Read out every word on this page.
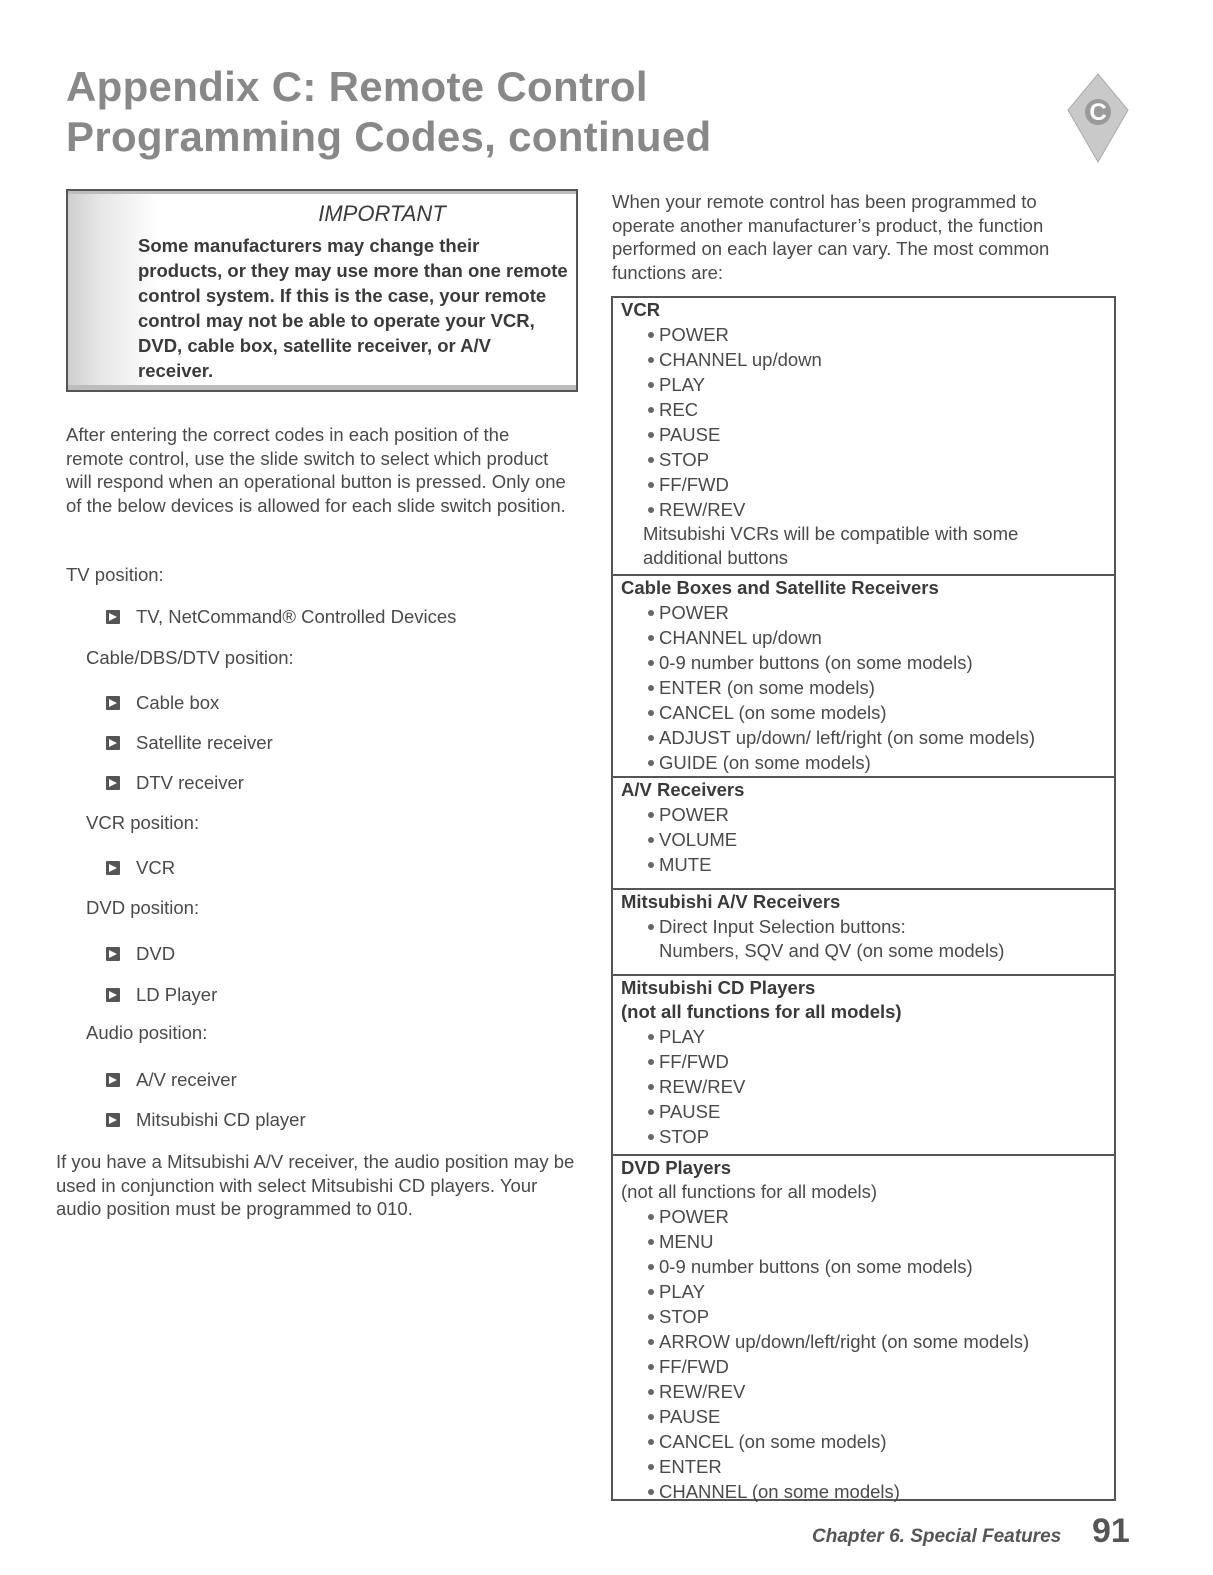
Appendix C: Remote Control
Programming Codes, continued
C
IMPORTANT
Some manufacturers may change their products, or they may use more than one remote control system. If this is the case, your remote control may not be able to operate your VCR, DVD, cable box, satellite receiver, or A/V receiver.
After entering the correct codes in each position of the remote control, use the slide switch to select which product will respond when an operational button is pressed. Only one of the below devices is allowed for each slide switch position.
TV position:
TV, NetCommand® Controlled Devices
Cable/DBS/DTV position:
Cable box
Satellite receiver
DTV receiver
VCR position:
VCR
DVD position:
DVD
LD Player
Audio position:
A/V receiver
Mitsubishi CD player
If you have a Mitsubishi A/V receiver, the audio position may be used in conjunction with select Mitsubishi CD players. Your audio position must be programmed to 010.
When your remote control has been programmed to operate another manufacturer’s product, the function performed on each layer can vary. The most common functions are:
VCR
POWER
CHANNEL up/down
PLAY
REC
PAUSE
STOP
FF/FWD
REW/REV
Mitsubishi VCRs will be compatible with some
additional buttons
Cable Boxes and Satellite Receivers
POWER
CHANNEL up/down
0-9 number buttons (on some models)
ENTER (on some models)
CANCEL (on some models)
ADJUST up/down/ left/right (on some models)
GUIDE (on some models)
A/V Receivers
POWER
VOLUME
MUTE
Mitsubishi A/V Receivers
Direct Input Selection buttons:
Numbers, SQV and QV (on some models)
Mitsubishi CD Players
(not all functions for all models)
PLAY
FF/FWD
REW/REV
PAUSE
STOP
DVD Players
(not all functions for all models)
POWER
MENU
0-9 number buttons (on some models)
PLAY
STOP
ARROW up/down/left/right (on some models)
FF/FWD
REW/REV
PAUSE
CANCEL (on some models)
ENTER
CHANNEL (on some models)
Chapter 6. Special Features 91
